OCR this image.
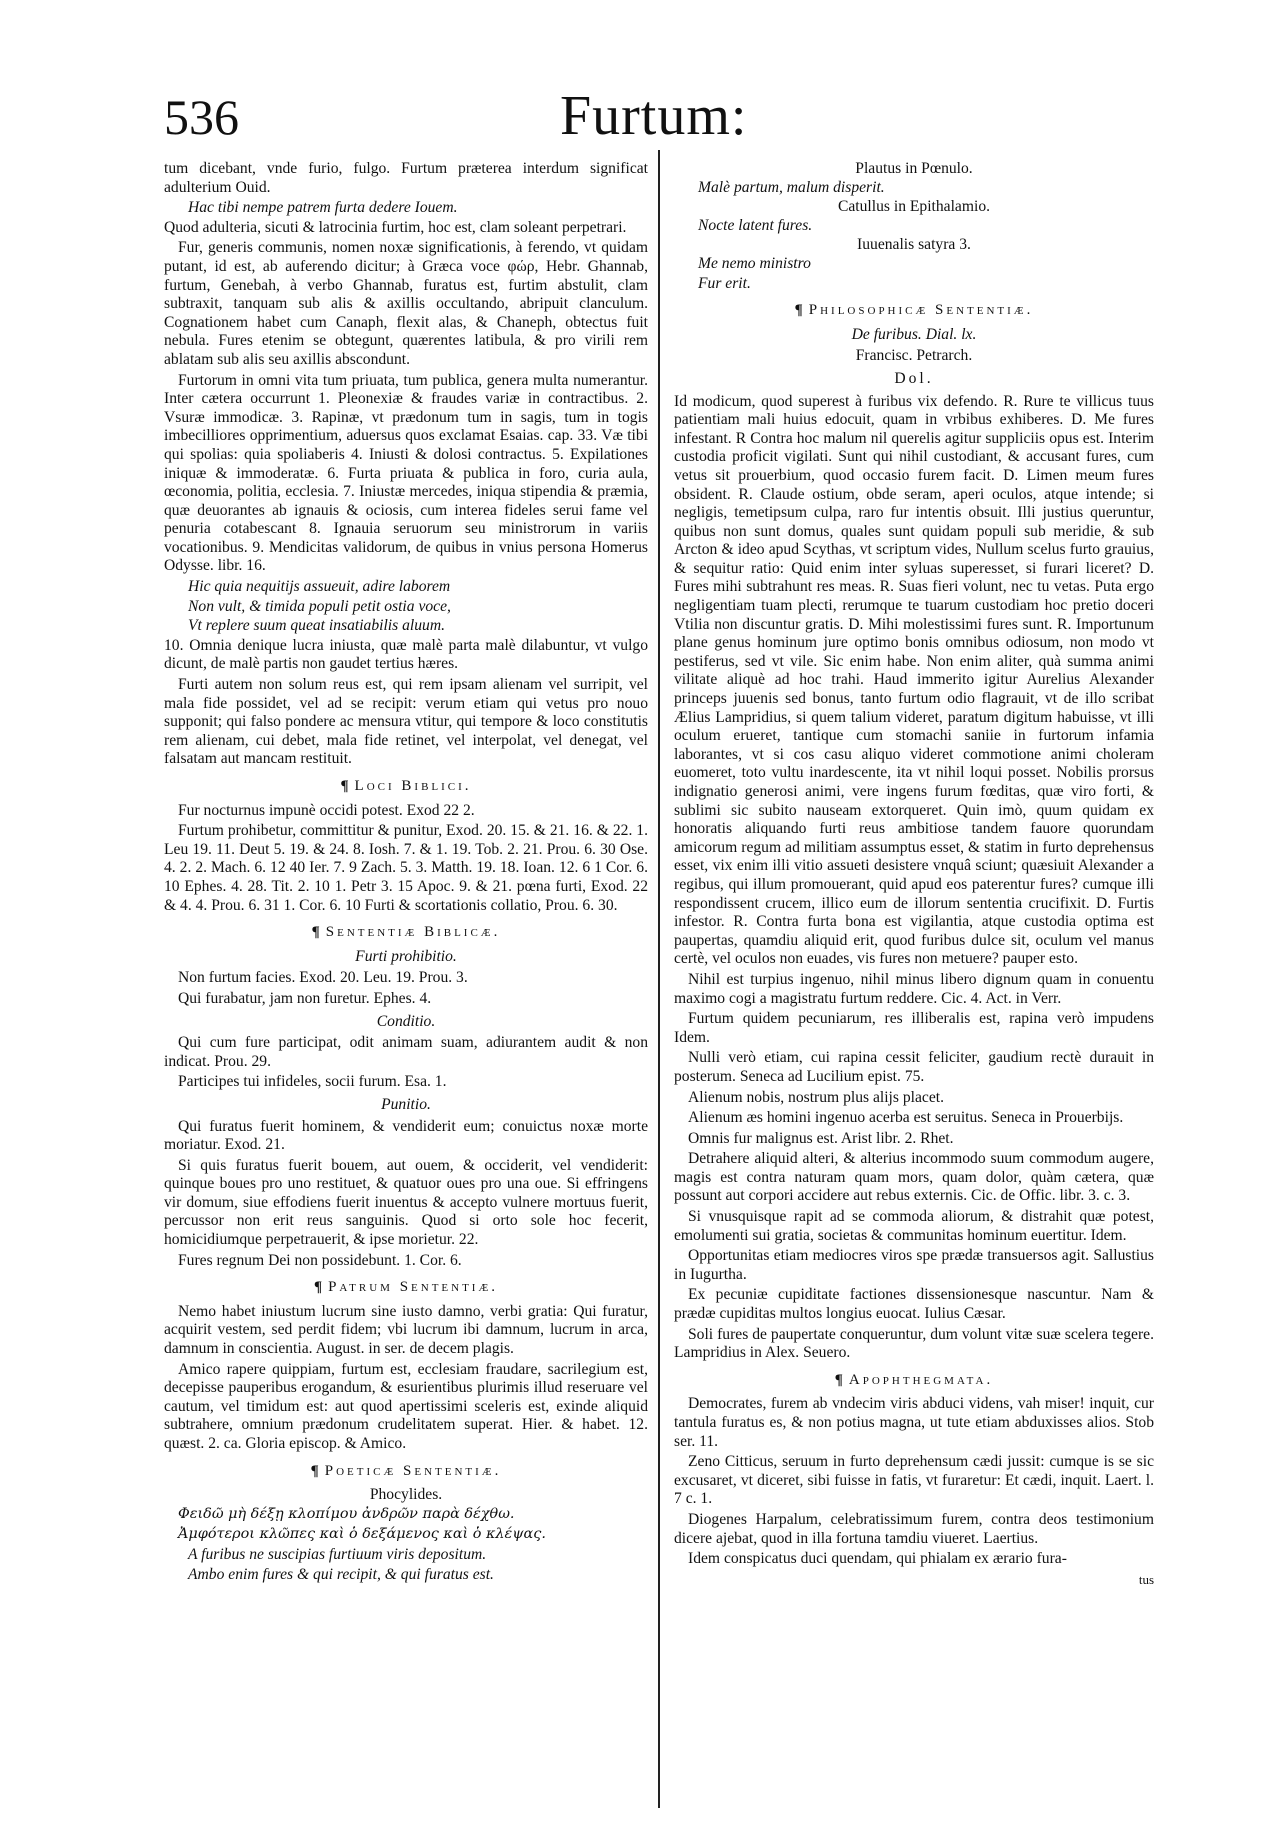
536	Furtum:

tum dicebant, vnde furio, fulgo. Furtum præterea interdum significat adulterium Ouid.

Hac tibi nempe patrem furta dedere Iouem.

Quod adulteria, sicuti & latrocinia furtim, hoc est, clam soleant perpetrari.

Fur, generis communis, nomen noxæ significationis, à ferendo, vt quidam putant, id est, ab auferendo dicitur; à Græca voce φώρ, Hebr. Ghannab, furtum, Genebah, à verbo Ghannab, furatus est, furtim abstulit, clam subtraxit, tanquam sub alis & axillis occultando, abripuit clanculum. Cognationem habet cum Canaph, flexit alas, & Chaneph, obtectus fuit nebula. Fures etenim se obtegunt, quærentes latibula, & pro virili rem ablatam sub alis seu axillis abscondunt.

Furtorum in omni vita tum priuata, tum publica, genera multa numerantur. Inter cætera occurrunt 1. Pleonexiæ & fraudes variæ in contractibus. 2. Vsuræ immodicæ. 3. Rapinæ, vt prædonum tum in sagis, tum in togis imbecilliores opprimentium, aduersus quos exclamat Esaias. cap. 33. Væ tibi qui spolias: quia spoliaberis 4. Iniusti & dolosi contractus. 5. Expilationes iniquæ & immoderatæ. 6. Furta priuata & publica in foro, curia aula, œconomia, politia, ecclesia. 7. Iniustæ mercedes, iniqua stipendia & præmia, quæ deuorantes ab ignauis & ociosis, cum interea fideles serui fame vel penuria cotabescant 8. Ignauia seruorum seu ministrorum in variis vocationibus. 9. Mendicitas validorum, de quibus in vnius persona Homerus Odysse. libr. 16.

Hic quia nequitijs assueuit, adire laborem

Non vult, & timida populi petit ostia voce,

Vt replere suum queat insatiabilis aluum.

10. Omnia denique lucra iniusta, quæ malè parta malè dilabuntur, vt vulgo dicunt, de malè partis non gaudet tertius hæres.

Furti autem non solum reus est, qui rem ipsam alienam vel surripit, vel mala fide possidet, vel ad se recipit: verum etiam qui vetus pro nouo supponit; qui falso pondere ac mensura vtitur, qui tempore & loco constitutis rem alienam, cui debet, mala fide retinet, vel interpolat, vel denegat, vel falsatam aut mancam restituit.

¶ Loci Biblici.

Fur nocturnus impunè occidi potest. Exod 22 2.

Furtum prohibetur, committitur & punitur, Exod. 20. 15. & 21. 16. & 22. 1. Leu 19. 11. Deut 5. 19. & 24. 8. Iosh. 7. & 1. 19. Tob. 2. 21. Prou. 6. 30 Ose. 4. 2. 2. Mach. 6. 12 40 Ier. 7. 9 Zach. 5. 3. Matth. 19. 18. Ioan. 12. 6 1 Cor. 6. 10 Ephes. 4. 28. Tit. 2. 10 1. Petr 3. 15 Apoc. 9. & 21. pœna furti, Exod. 22 & 4. 4. Prou. 6. 31 1. Cor. 6. 10 Furti & scortationis collatio, Prou. 6. 30.

¶ Sententiæ Biblicæ.
Furti prohibitio.

Non furtum facies. Exod. 20. Leu. 19. Prou. 3.

Qui furabatur, jam non furetur. Ephes. 4.

Conditio.

Qui cum fure participat, odit animam suam, adiurantem audit & non indicat. Prou. 29.

Participes tui infideles, socii furum. Esa. 1.

Punitio.

Qui furatus fuerit hominem, & vendiderit eum; conuictus noxæ morte moriatur. Exod. 21.

Si quis furatus fuerit bouem, aut ouem, & occiderit, vel vendiderit: quinque boues pro uno restituet, & quatuor oues pro una oue. Si effringens vir domum, siue effodiens fuerit inuentus & accepto vulnere mortuus fuerit, percussor non erit reus sanguinis. Quod si orto sole hoc fecerit, homicidiumque perpetrauerit, & ipse morietur. 22.

Fures regnum Dei non possidebunt. 1. Cor. 6.

¶ Patrum Sententiæ.

Nemo habet iniustum lucrum sine iusto damno, verbi gratia: Qui furatur, acquirit vestem, sed perdit fidem; vbi lucrum ibi damnum, lucrum in arca, damnum in conscientia. August. in ser. de decem plagis.

Amico rapere quippiam, furtum est, ecclesiam fraudare, sacrilegium est, decepisse pauperibus erogandum, & esurientibus plurimis illud reseruare vel cautum, vel timidum est: aut quod apertissimi sceleris est, exinde aliquid subtrahere, omnium prædonum crudelitatem superat. Hier. & habet. 12. quæst. 2. ca. Gloria episcop. & Amico.

¶ Poeticæ Sententiæ.
Phocylides.

Φειδῶ μὴ δέξῃ κλοπίμου ἀνδρῶν παρὰ δέχθω.

Ἀμφότεροι κλῶπες καὶ ὁ δεξάμενος καὶ ὁ κλέψας.

A furibus ne suscipias furtiuum viris depositum.

Ambo enim fures & qui recipit, & qui furatus est.

Plautus in Pœnulo.

Malè partum, malum disperit.

Catullus in Epithalamio.

Nocte latent fures.

Iuuenalis satyra 3.

Me nemo ministro

Fur erit.

¶ Philosophicæ Sententiæ.
De furibus. Dial. lx.
Francisc. Petrarch.
Dol.

Id modicum, quod superest à furibus vix defendo. R. Rure te villicus tuus patientiam mali huius edocuit, quam in vrbibus exhiberes. D. Me fures infestant. R Contra hoc malum nil querelis agitur suppliciis opus est. Interim custodia proficit vigilati. Sunt qui nihil custodiant, & accusant fures, cum vetus sit prouerbium, quod occasio furem facit. D. Limen meum fures obsident. R. Claude ostium, obde seram, aperi oculos, atque intende; si negligis, temetipsum culpa, raro fur intentis obsuit. Illi justius queruntur, quibus non sunt domus, quales sunt quidam populi sub meridie, & sub Arcton & ideo apud Scythas, vt scriptum vides, Nullum scelus furto grauius, & sequitur ratio: Quid enim inter syluas superesset, si furari liceret? D. Fures mihi subtrahunt res meas. R. Suas fieri volunt, nec tu vetas. Puta ergo negligentiam tuam plecti, rerumque te tuarum custodiam hoc pretio doceri Vtilia non discuntur gratis. D. Mihi molestissimi fures sunt. R. Importunum plane genus hominum jure optimo bonis omnibus odiosum, non modo vt pestiferus, sed vt vile. Sic enim habe. Non enim aliter, quà summa animi vilitate aliquè ad hoc trahi. Haud immerito igitur Aurelius Alexander princeps juuenis sed bonus, tanto furtum odio flagrauit, vt de illo scribat Ælius Lampridius, si quem talium videret, paratum digitum habuisse, vt illi oculum erueret, tantique cum stomachi saniie in furtorum infamia laborantes, vt si cos casu aliquo videret commotione animi choleram euomeret, toto vultu inardescente, ita vt nihil loqui posset. Nobilis prorsus indignatio generosi animi, vere ingens furum fœditas, quæ viro forti, & sublimi sic subito nauseam extorqueret. Quin imò, quum quidam ex honoratis aliquando furti reus ambitiose tandem fauore quorundam amicorum regum ad militiam assumptus esset, & statim in furto deprehensus esset, vix enim illi vitio assueti desistere vnquâ sciunt; quæsiuit Alexander a regibus, qui illum promouerant, quid apud eos paterentur fures? cumque illi respondissent crucem, illico eum de illorum sententia crucifixit. D. Furtis infestor. R. Contra furta bona est vigilantia, atque custodia optima est paupertas, quamdiu aliquid erit, quod furibus dulce sit, oculum vel manus certè, vel oculos non euades, vis fures non metuere? pauper esto.

Nihil est turpius ingenuo, nihil minus libero dignum quam in conuentu maximo cogi a magistratu furtum reddere. Cic. 4. Act. in Verr.

Furtum quidem pecuniarum, res illiberalis est, rapina verò impudens Idem.

Nulli verò etiam, cui rapina cessit feliciter, gaudium rectè durauit in posterum. Seneca ad Lucilium epist. 75.

Alienum nobis, nostrum plus alijs placet.

Alienum æs homini ingenuo acerba est seruitus. Seneca in Prouerbijs.

Omnis fur malignus est. Arist libr. 2. Rhet.

Detrahere aliquid alteri, & alterius incommodo suum commodum augere, magis est contra naturam quam mors, quam dolor, quàm cætera, quæ possunt aut corpori accidere aut rebus externis. Cic. de Offic. libr. 3. c. 3.

Si vnusquisque rapit ad se commoda aliorum, & distrahit quæ potest, emolumenti sui gratia, societas & communitas hominum euertitur. Idem.

Opportunitas etiam mediocres viros spe prædæ transuersos agit. Sallustius in Iugurtha.

Ex pecuniæ cupiditate factiones dissensionesque nascuntur. Nam & prædæ cupiditas multos longius euocat. Iulius Cæsar.

Soli fures de paupertate conqueruntur, dum volunt vitæ suæ scelera tegere. Lampridius in Alex. Seuero.

¶ Apophthegmata.

Democrates, furem ab vndecim viris abduci videns, vah miser! inquit, cur tantula furatus es, & non potius magna, ut tute etiam abduxisses alios. Stob ser. 11.

Zeno Citticus, seruum in furto deprehensum cædi jussit: cumque is se sic excusaret, vt diceret, sibi fuisse in fatis, vt furaretur: Et cædi, inquit. Laert. l. 7 c. 1.

Diogenes Harpalum, celebratissimum furem, contra deos testimonium dicere ajebat, quod in illa fortuna tamdiu viueret. Laertius.

Idem conspicatus duci quendam, qui phialam ex ærario fura-

tus
